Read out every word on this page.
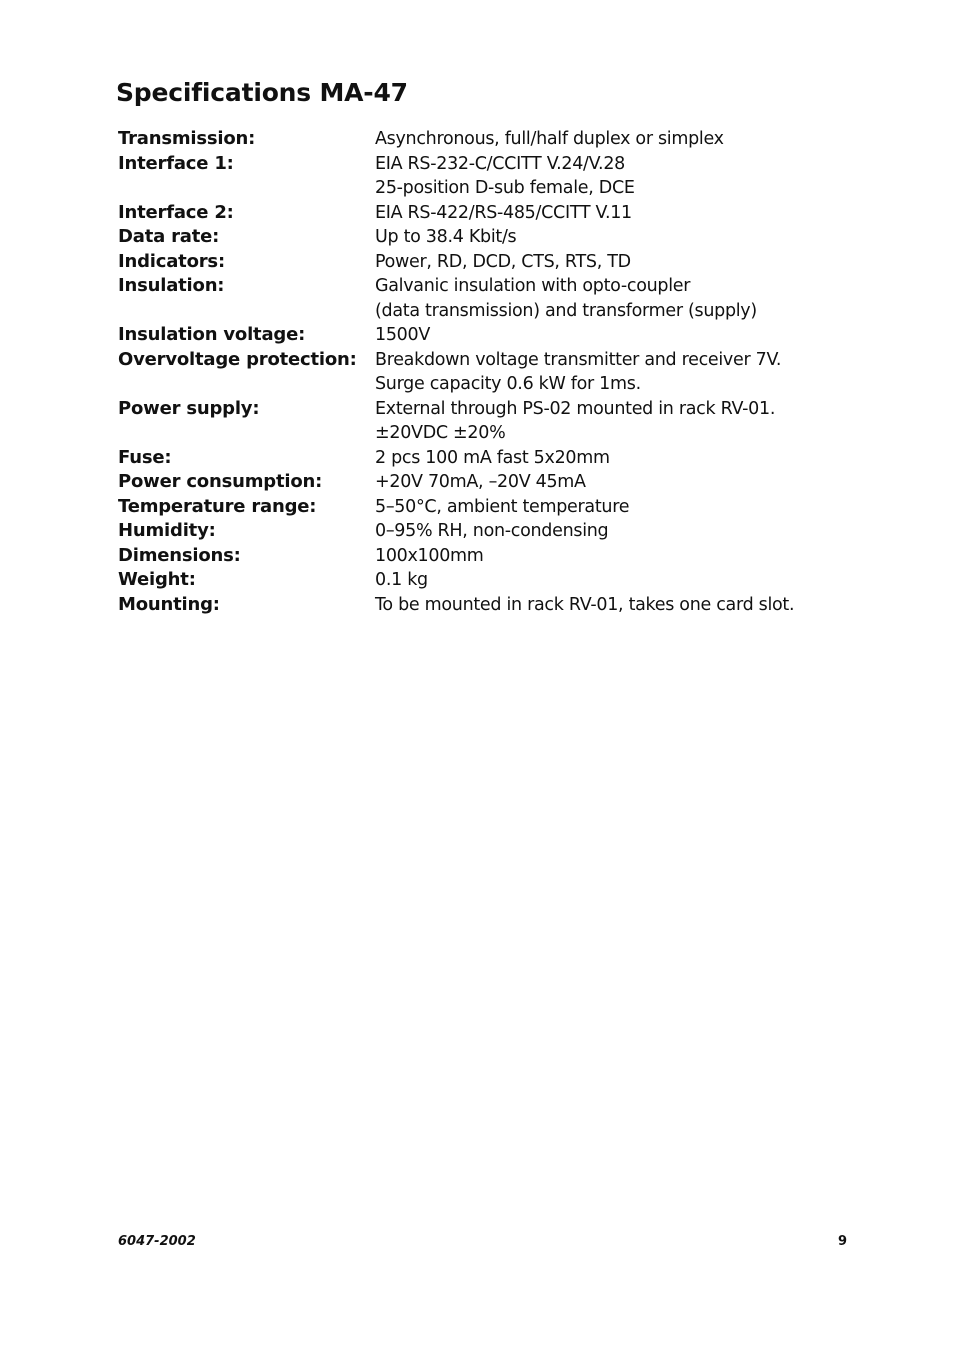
Specifications MA-47
Transmission:	Asynchronous, full/half duplex or simplex
Interface 1:	EIA RS-232-C/CCITT V.24/V.28
25-position D-sub female, DCE
Interface 2:	EIA RS-422/RS-485/CCITT V.11
Data rate:	Up to 38.4 Kbit/s
Indicators:	Power, RD, DCD, CTS, RTS, TD
Insulation:	Galvanic insulation with opto-coupler
(data transmission) and transformer (supply)
Insulation voltage:	1500V
Overvoltage protection:	Breakdown voltage transmitter and receiver 7V.
Surge capacity 0.6 kW for 1ms.
Power supply:	External through PS-02 mounted in rack RV-01.
±20VDC ±20%
Fuse:	2 pcs 100 mA fast 5x20mm
Power consumption:	+20V 70mA, –20V 45mA
Temperature range:	5–50°C, ambient temperature
Humidity:	0–95% RH, non-condensing
Dimensions:	100x100mm
Weight:	0.1 kg
Mounting:	To be mounted in rack RV-01, takes one card slot.
6047-2002	9
